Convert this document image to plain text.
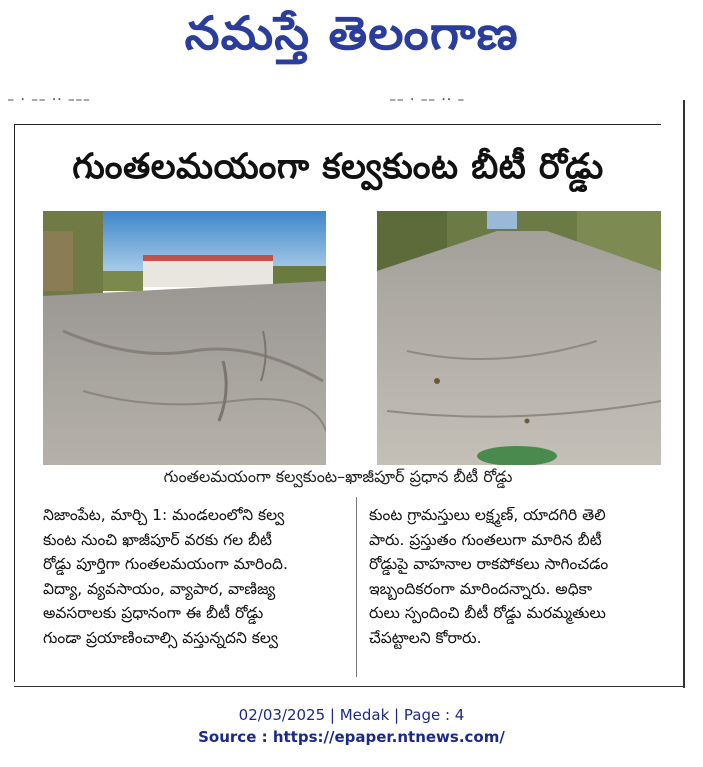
నమస్తే తెలంగాణ
⎯ ꞏ ⎯⎯ ꞏꞏ ⎯⎯⎯	⎯⎯ ꞏ ⎯⎯ ꞏꞏ ⎯
గుంతలమయంగా కల్వకుంట బీటీ రోడ్డు
గుంతలమయంగా కల్వకుంట–ఖాజీపూర్ ప్రధాన బీటీ రోడ్డు
నిజాంపేట, మార్చి 1: మండలంలోని కల్వ
కుంట నుంచి ఖాజీపూర్ వరకు గల బీటీ
రోడ్డు పూర్తిగా గుంతలమయంగా మారింది.
విద్యా, వ్యవసాయం, వ్యాపార, వాణిజ్య
అవసరాలకు ప్రధానంగా ఈ బీటీ రోడ్డు
గుండా ప్రయాణించాల్సి వస్తున్నదని కల్వ
కుంట గ్రామస్తులు లక్ష్మణ్, యాదగిరి తెలి
పారు. ప్రస్తుతం గుంతలుగా మారిన బీటీ
రోడ్డుపై వాహనాల రాకపోకలు సాగించడం
ఇబ్బందికరంగా మారిందన్నారు. అధికా
రులు స్పందించి బీటీ రోడ్డు మరమ్మతులు
చేపట్టాలని కోరారు.
02/03/2025 | Medak | Page : 4
Source : https://epaper.ntnews.com/
